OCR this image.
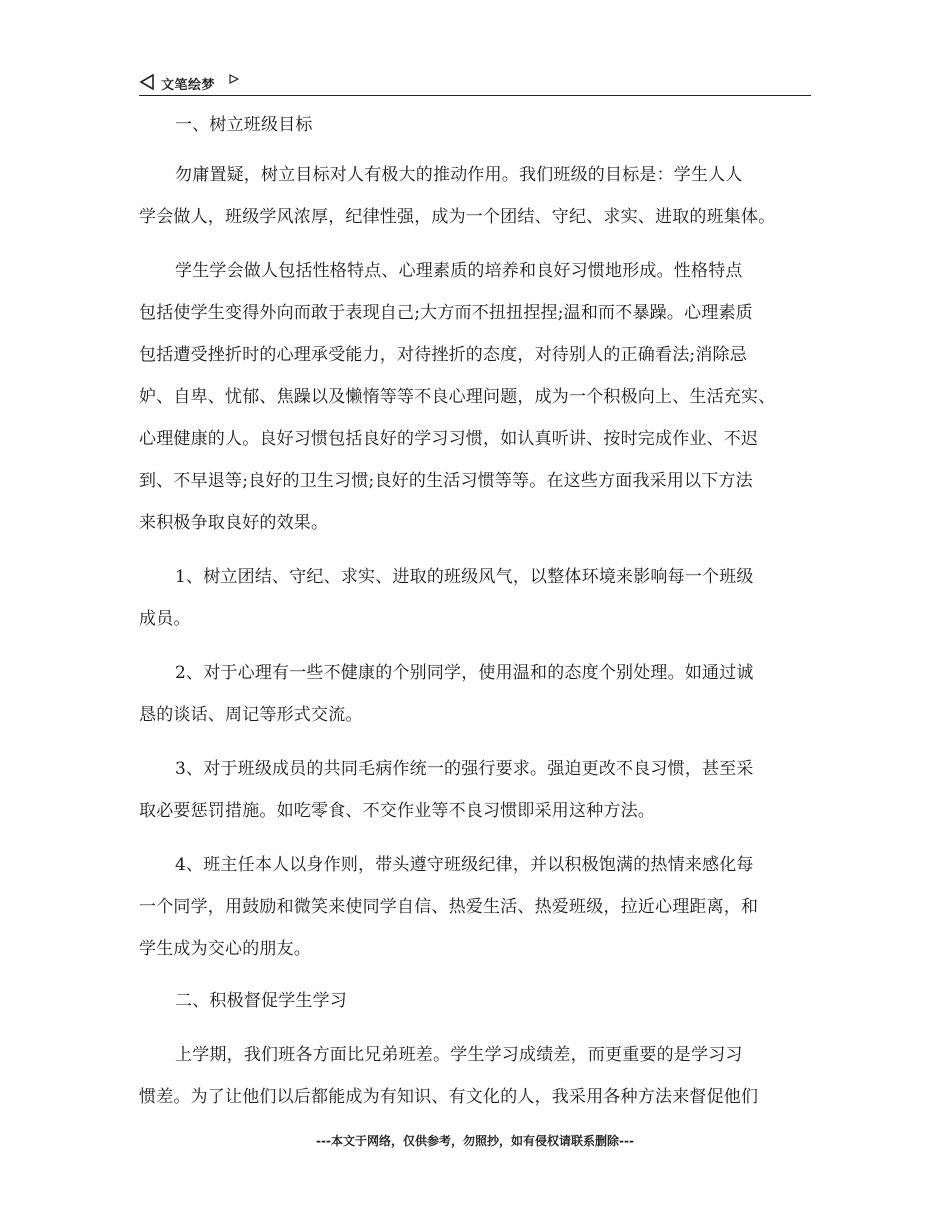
文笔绘梦
一、树立班级目标
勿庸置疑，树立目标对人有极大的推动作用。我们班级的目标是：学生人人
学会做人，班级学风浓厚，纪律性强，成为一个团结、守纪、求实、进取的班集体。
学生学会做人包括性格特点、心理素质的培养和良好习惯地形成。性格特点
包括使学生变得外向而敢于表现自己;大方而不扭扭捏捏;温和而不暴躁。心理素质
包括遭受挫折时的心理承受能力，对待挫折的态度，对待别人的正确看法;消除忌
妒、自卑、忧郁、焦躁以及懒惰等等不良心理问题，成为一个积极向上、生活充实、
心理健康的人。良好习惯包括良好的学习习惯，如认真听讲、按时完成作业、不迟
到、不早退等;良好的卫生习惯;良好的生活习惯等等。在这些方面我采用以下方法
来积极争取良好的效果。
1、树立团结、守纪、求实、进取的班级风气，以整体环境来影响每一个班级
成员。
2、对于心理有一些不健康的个别同学，使用温和的态度个别处理。如通过诚
恳的谈话、周记等形式交流。
3、对于班级成员的共同毛病作统一的强行要求。强迫更改不良习惯，甚至采
取必要惩罚措施。如吃零食、不交作业等不良习惯即采用这种方法。
4、班主任本人以身作则，带头遵守班级纪律，并以积极饱满的热情来感化每
一个同学，用鼓励和微笑来使同学自信、热爱生活、热爱班级，拉近心理距离，和
学生成为交心的朋友。
二、积极督促学生学习
上学期，我们班各方面比兄弟班差。学生学习成绩差，而更重要的是学习习
惯差。为了让他们以后都能成为有知识、有文化的人，我采用各种方法来督促他们
---本文于网络，仅供参考，勿照抄，如有侵权请联系删除---
